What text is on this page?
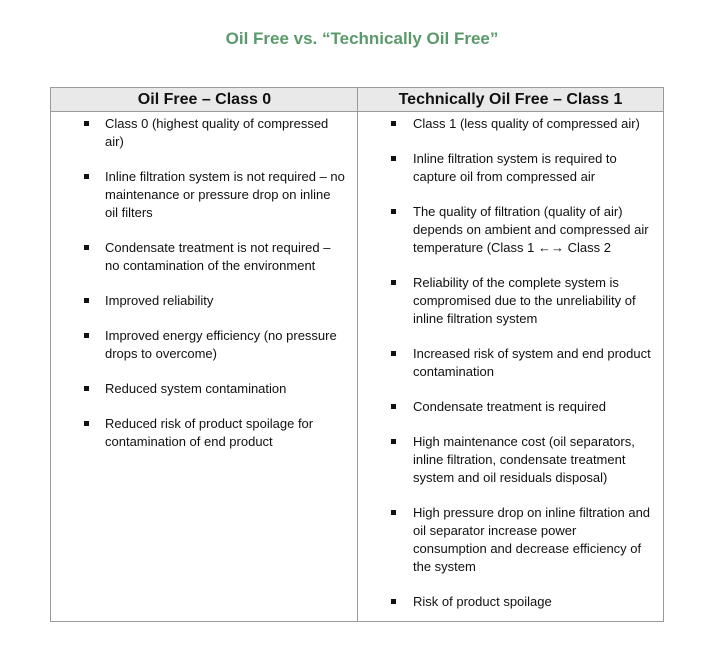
Oil Free vs. “Technically Oil Free”
Oil Free – Class 0	Technically Oil Free – Class 1
Class 0 (highest quality of compressed air)
Inline filtration system is not required – no maintenance or pressure drop on inline oil filters
Condensate treatment is not required – no contamination of the environment
Improved reliability
Improved energy efficiency (no pressure drops to overcome)
Reduced system contamination
Reduced risk of product spoilage for contamination of end product
Class 1 (less quality of compressed air)
Inline filtration system is required to capture oil from compressed air
The quality of filtration (quality of air) depends on ambient and compressed air temperature (Class 1 ←→ Class 2
Reliability of the complete system is compromised due to the unreliability of inline filtration system
Increased risk of system and end product contamination
Condensate treatment is required
High maintenance cost (oil separators, inline filtration, condensate treatment system and oil residuals disposal)
High pressure drop on inline filtration and oil separator increase power consumption and decrease efficiency of the system
Risk of product spoilage
